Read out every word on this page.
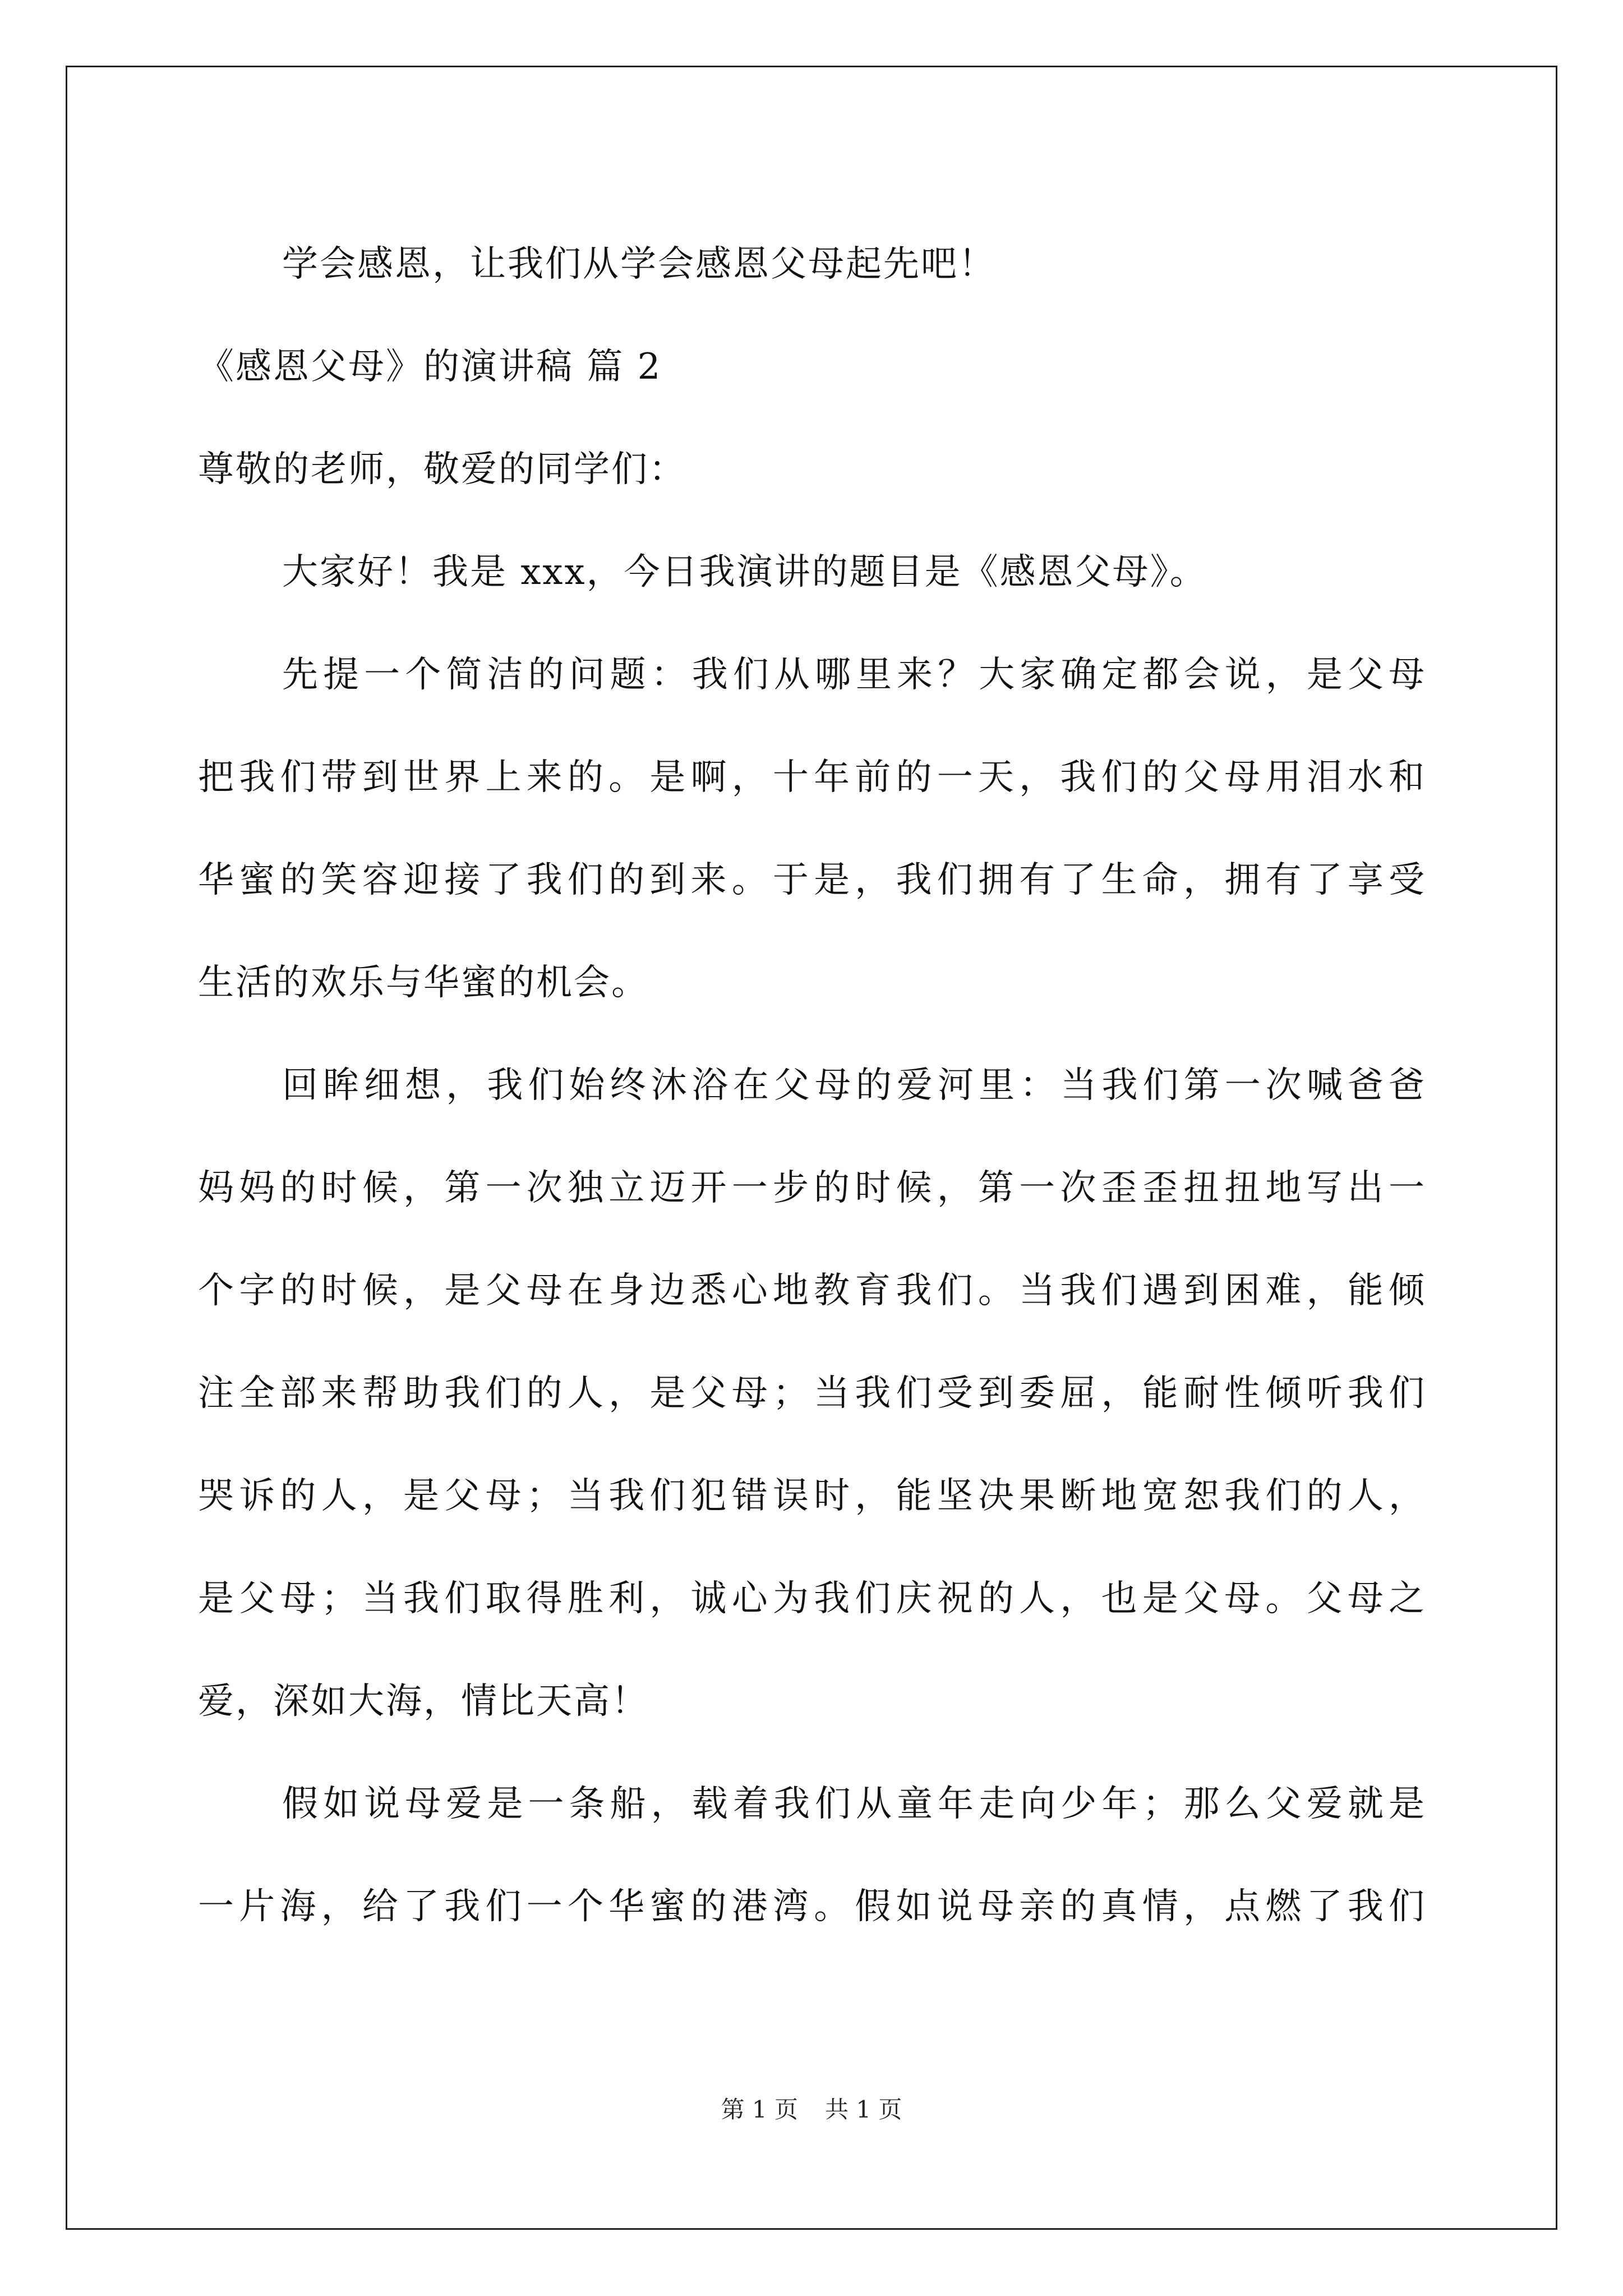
学会感恩，让我们从学会感恩父母起先吧！
《感恩父母》的演讲稿 篇 2
尊敬的老师，敬爱的同学们：
大家好！我是 xxx，今日我演讲的题目是《感恩父母》。
先提一个简洁的问题：我们从哪里来？大家确定都会说，是父母
把我们带到世界上来的。是啊，十年前的一天，我们的父母用泪水和
华蜜的笑容迎接了我们的到来。于是，我们拥有了生命，拥有了享受
生活的欢乐与华蜜的机会。
回眸细想，我们始终沐浴在父母的爱河里：当我们第一次喊爸爸
妈妈的时候，第一次独立迈开一步的时候，第一次歪歪扭扭地写出一
个字的时候，是父母在身边悉心地教育我们。当我们遇到困难，能倾
注全部来帮助我们的人，是父母；当我们受到委屈，能耐性倾听我们
哭诉的人，是父母；当我们犯错误时，能坚决果断地宽恕我们的人，
是父母；当我们取得胜利，诚心为我们庆祝的人，也是父母。父母之
爱，深如大海，情比天高！
假如说母爱是一条船，载着我们从童年走向少年；那么父爱就是
一片海，给了我们一个华蜜的港湾。假如说母亲的真情，点燃了我们
第 1 页 共 1 页
